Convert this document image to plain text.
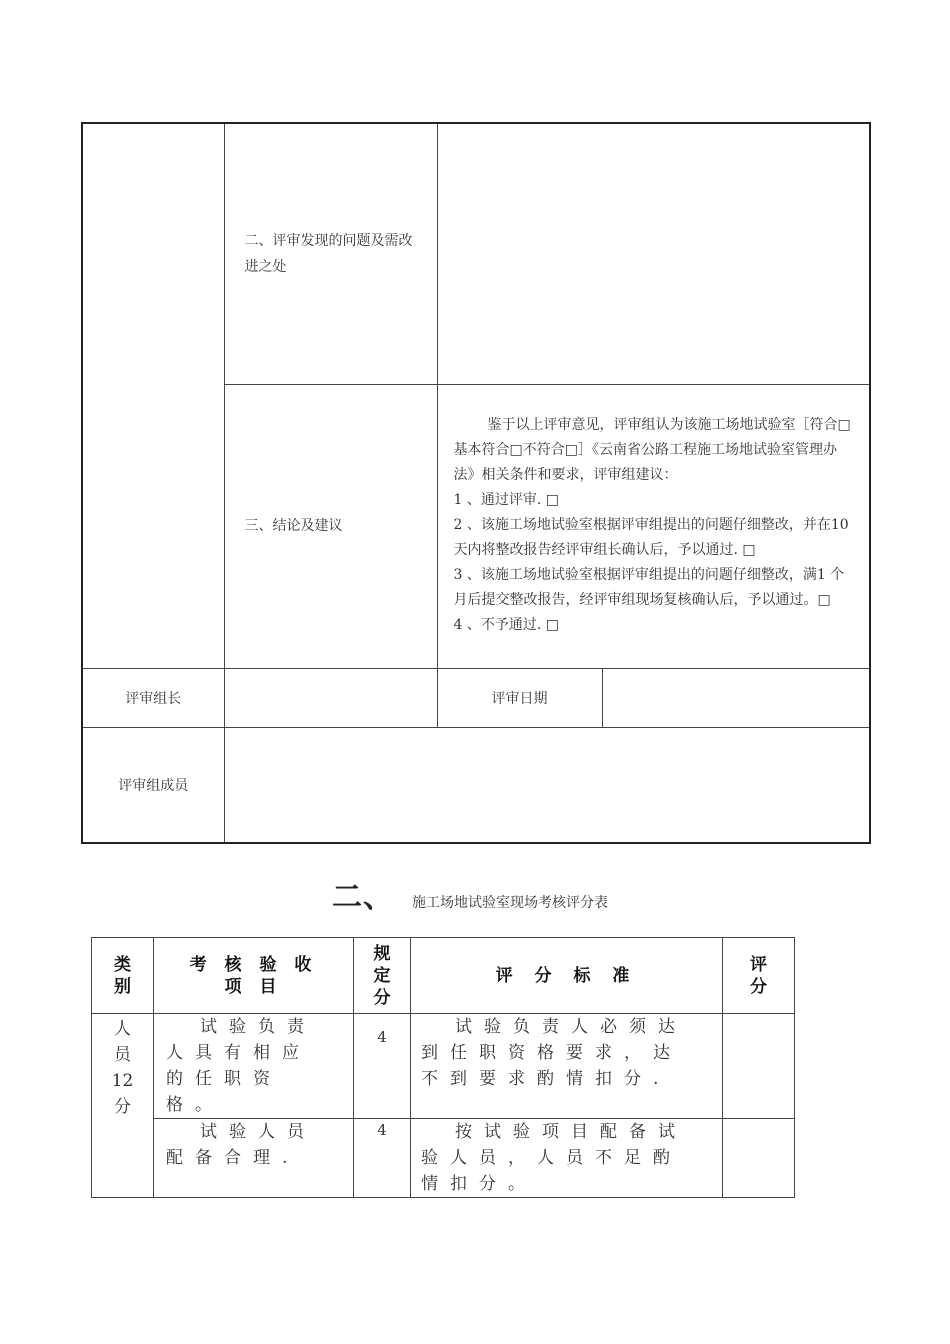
	二、评审发现的问题及需改进之处		
	三、结论及建议	鉴于以上评审意见，评审组认为该施工场地试验室［符合□基本符合□不符合□］《云南省公路工程施工场地试验室管理办法》相关条件和要求，评审组建议：
1 、通过评审. □
2 、该施工场地试验室根据评审组提出的问题仔细整改，并在10天内将整改报告经评审组长确认后，予以通过. □
3 、该施工场地试验室根据评审组提出的问题仔细整改，满1 个月后提交整改报告，经评审组现场复核确认后，予以通过。□
4 、不予通过. □	

评审组长		评审日期	
评审组成员			
二、 施工场地试验室现场考核评分表
类别	考 核 验 收 项 目	规定分	评 分 标 准	评分
人员12分	试验负责人具有相应的任职资格。	4	试验负责人必须达到任职资格要求，达不到要求酌情扣分.	

	试验人员配备合理.	4	按试验项目配备试验人员，人员不足酌情扣分。	
